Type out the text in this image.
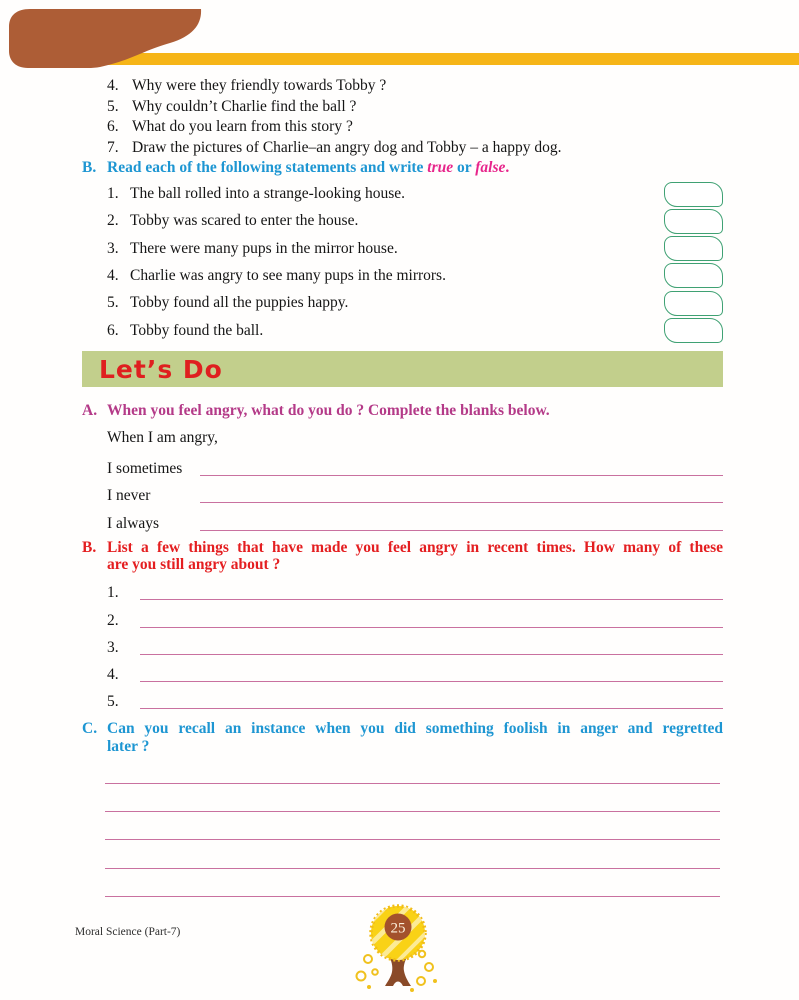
4. Why were they friendly towards Tobby ?
5. Why couldn’t Charlie find the ball ?
6. What do you learn from this story ?
7. Draw the pictures of Charlie–an angry dog and Tobby – a happy dog.
B. Read each of the following statements and write true or false.
1. The ball rolled into a strange-looking house.
2. Tobby was scared to enter the house.
3. There were many pups in the mirror house.
4. Charlie was angry to see many pups in the mirrors.
5. Tobby found all the puppies happy.
6. Tobby found the ball.
Let’s Do
A. When you feel angry, what do you do ? Complete the blanks below.
When I am angry,
I sometimes
I never
I always
B. List a few things that have made you feel angry in recent times. How many of these
are you still angry about ?
1.
2.
3.
4.
5.
C. Can you recall an instance when you did something foolish in anger and regretted
later ?
Moral Science (Part-7)	25
